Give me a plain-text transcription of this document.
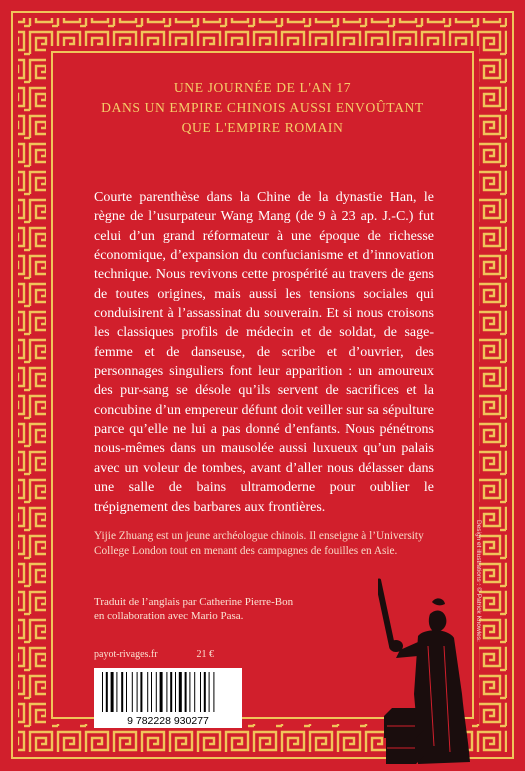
UNE JOURNÉE DE L'AN 17
DANS UN EMPIRE CHINOIS AUSSI ENVOÛTANT
QUE L'EMPIRE ROMAIN

Courte parenthèse dans la Chine de la dynastie Han, le règne de l’usurpateur Wang Mang (de 9 à 23 ap. J.-C.) fut celui d’un grand réformateur à une époque de richesse économique, d’expansion du confucianisme et d’innovation technique. Nous revivons cette prospérité au travers de gens de toutes origines, mais aussi les tensions sociales qui conduisirent à l’assassinat du souverain. Et si nous croisons les classiques profils de médecin et de soldat, de sage-femme et de danseuse, de scribe et d’ouvrier, des personnages singuliers font leur apparition : un amoureux des pur-sang se désole qu’ils servent de sacrifices et la concubine d’un empereur défunt doit veiller sur sa sépulture parce qu’elle ne lui a pas donné d’enfants. Nous pénétrons nous-mêmes dans un mausolée aussi luxueux qu’un palais avec un voleur de tombes, avant d’aller nous délasser dans une salle de bains ultramoderne pour oublier le trépignement des barbares aux frontières.

Yijie Zhuang est un jeune archéologue chinois. Il enseigne à l’University College London tout en menant des campagnes de fouilles en Asie.
Traduit de l’anglais par Catherine Pierre-Bon
en collaboration avec Mario Pasa.
payot-rivages.fr	21 €
9 782228 930277
Design et illustrations : © Patrick Knowles.
